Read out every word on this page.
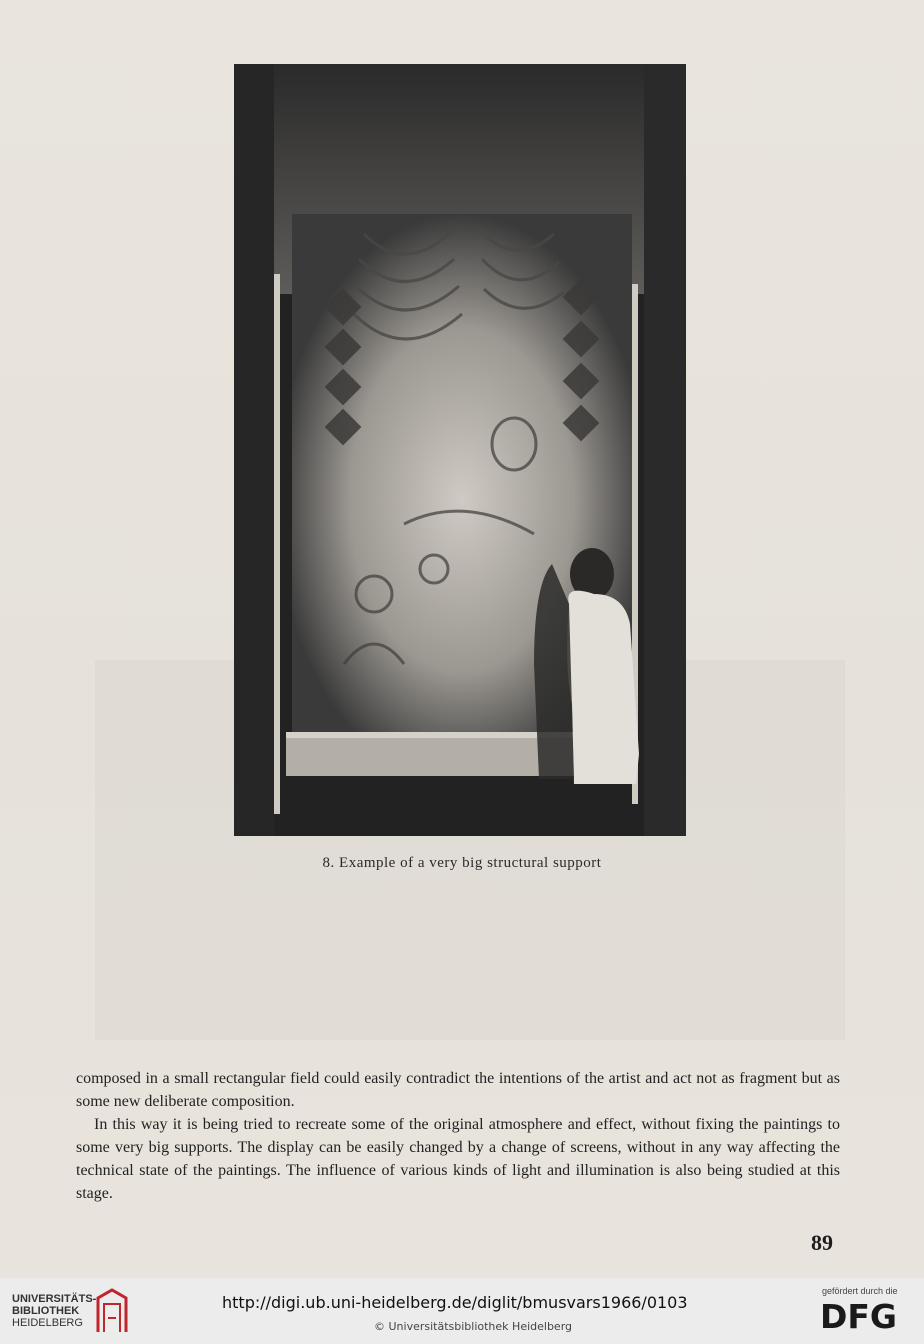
8. Example of a very big structural support

composed in a small rectangular field could easily contradict the intentions of the artist and act not as fragment but as some new deliberate composition.

In this way it is being tried to recreate some of the original atmosphere and effect, without fixing the paintings to some very big supports. The display can be easily changed by a change of screens, without in any way affecting the technical state of the paintings. The influence of various kinds of light and illumination is also being studied at this stage.

89
UNIVERSITÄTS-
BIBLIOTHEK
HEIDELBERG
http://digi.ub.uni-heidelberg.de/diglit/bmusvars1966/0103
© Universitätsbibliothek Heidelberg
gefördert durch die
DFG
